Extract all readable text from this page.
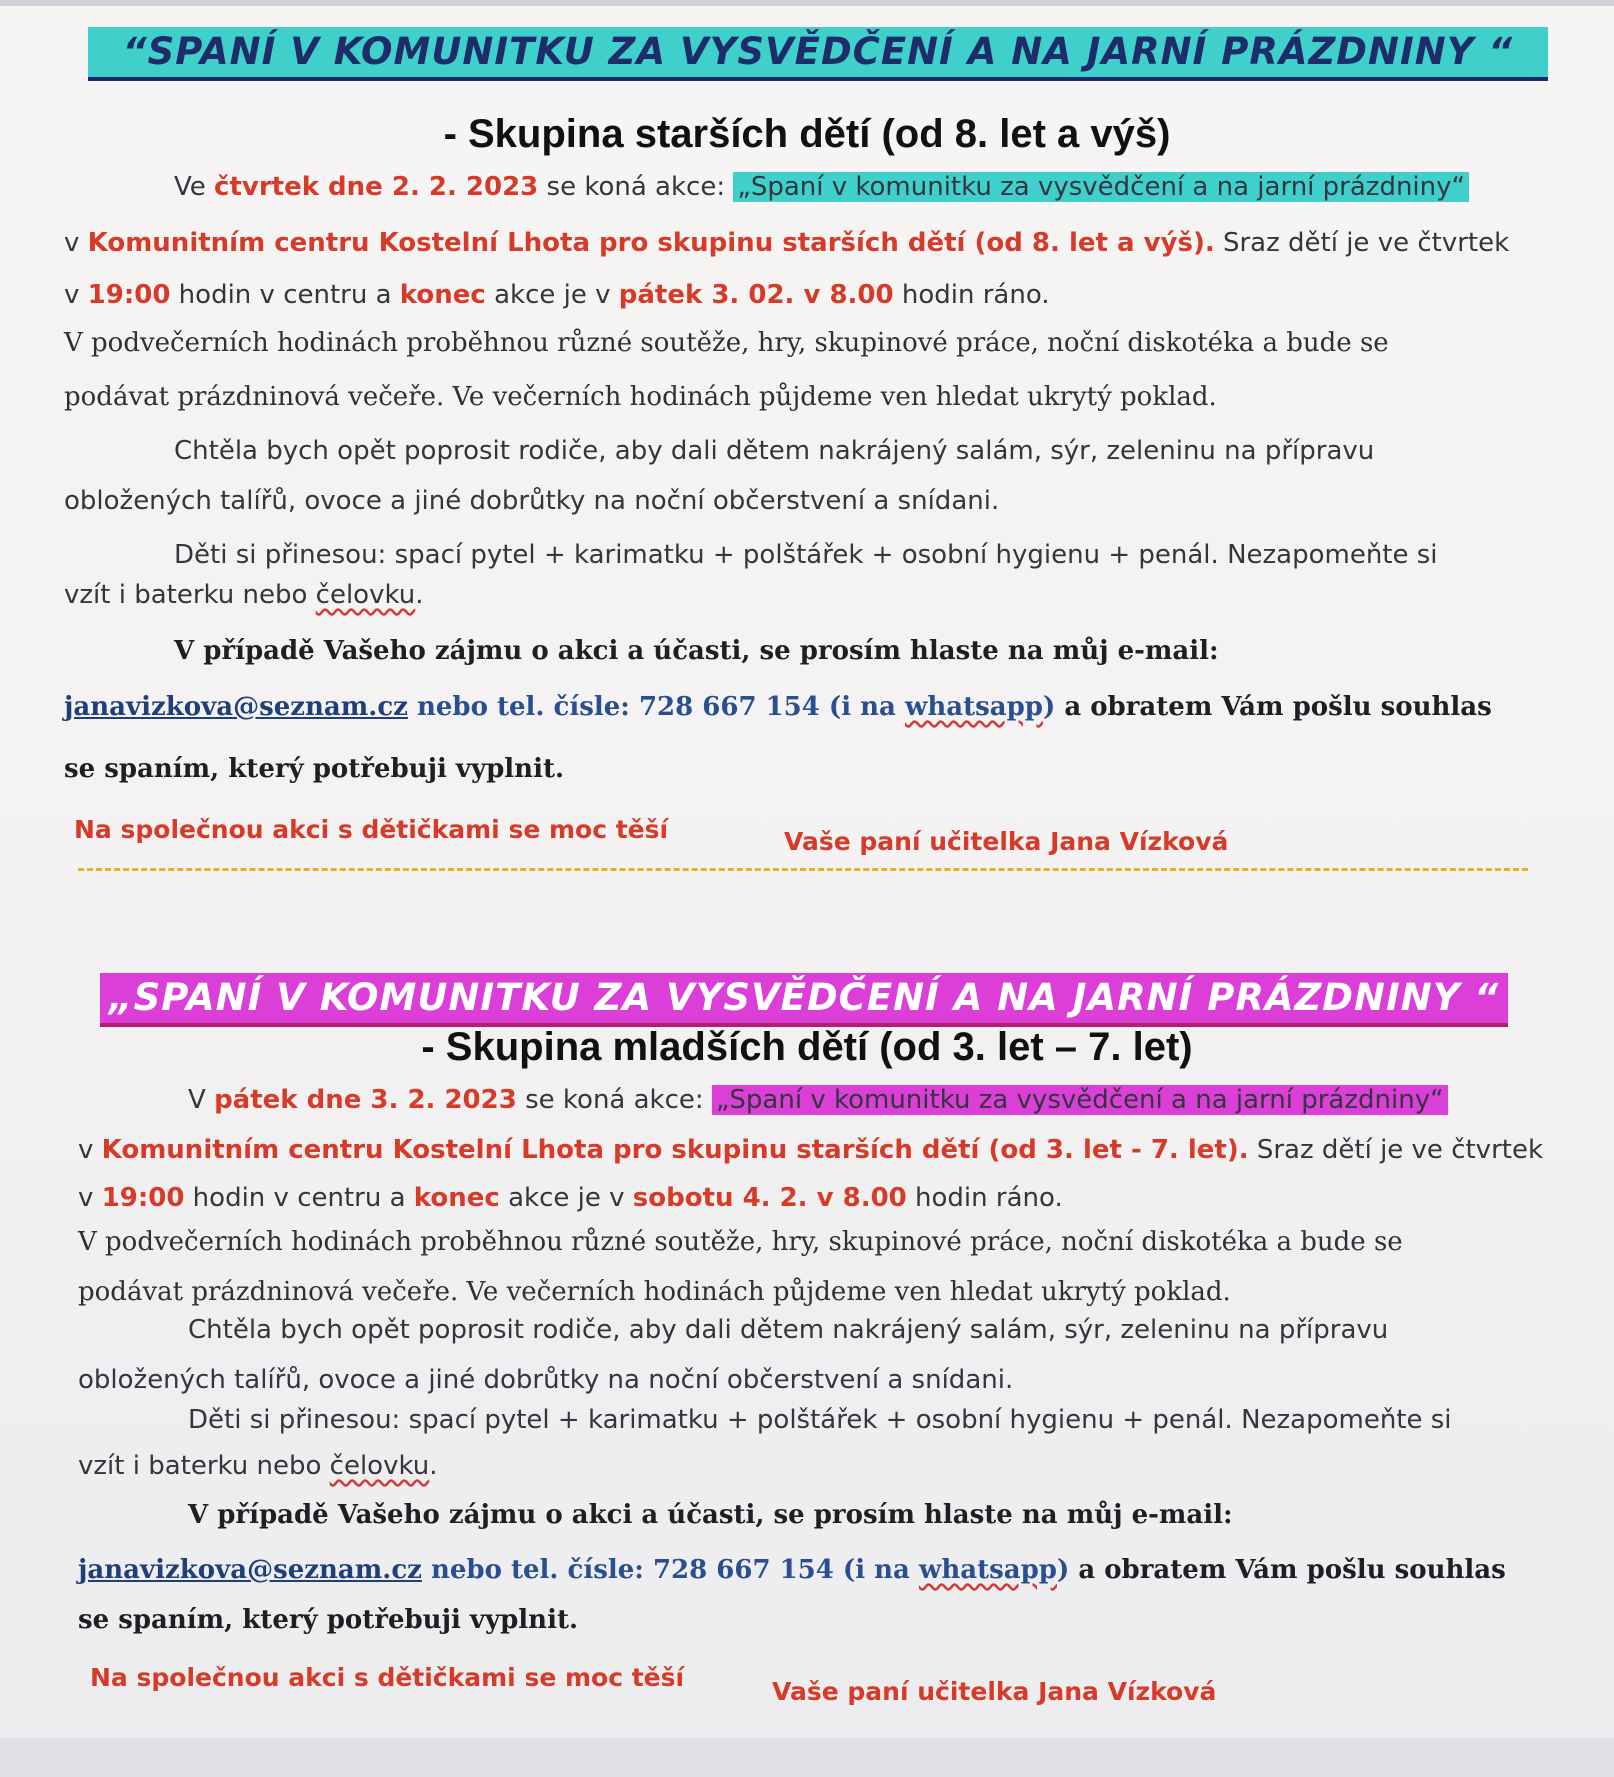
“SPANÍ V KOMUNITKU ZA VYSVĚDČENÍ A NA JARNÍ PRÁZDNINY “
- Skupina starších dětí (od 8. let a výš)
Ve čtvrtek dne 2. 2. 2023 se koná akce: „Spaní v komunitku za vysvědčení a na jarní prázdniny“
v Komunitním centru Kostelní Lhota pro skupinu starších dětí (od 8. let a výš). Sraz dětí je ve čtvrtek
v 19:00 hodin v centru a konec akce je v pátek 3. 02. v 8.00 hodin ráno.
V podvečerních hodinách proběhnou různé soutěže, hry, skupinové práce, noční diskotéka a bude se
podávat prázdninová večeře. Ve večerních hodinách půjdeme ven hledat ukrytý poklad.
Chtěla bych opět poprosit rodiče, aby dali dětem nakrájený salám, sýr, zeleninu na přípravu
obložených talířů, ovoce a jiné dobrůtky na noční občerstvení a snídani.
Děti si přinesou: spací pytel + karimatku + polštářek + osobní hygienu + penál. Nezapomeňte si
vzít i baterku nebo čelovku.
V případě Vašeho zájmu o akci a účasti, se prosím hlaste na můj e-mail:
janavizkova@seznam.cz nebo tel. čísle: 728 667 154 (i na whatsapp) a obratem Vám pošlu souhlas
se spaním, který potřebuji vyplnit.
Na společnou akci s dětičkami se moc těší	Vaše paní učitelka Jana Vízková
„SPANÍ V KOMUNITKU ZA VYSVĚDČENÍ A NA JARNÍ PRÁZDNINY “
- Skupina mladších dětí (od 3. let – 7. let)
V pátek dne 3. 2. 2023 se koná akce: „Spaní v komunitku za vysvědčení a na jarní prázdniny“
v Komunitním centru Kostelní Lhota pro skupinu starších dětí (od 3. let - 7. let). Sraz dětí je ve čtvrtek
v 19:00 hodin v centru a konec akce je v sobotu 4. 2. v 8.00 hodin ráno.
V podvečerních hodinách proběhnou různé soutěže, hry, skupinové práce, noční diskotéka a bude se
podávat prázdninová večeře. Ve večerních hodinách půjdeme ven hledat ukrytý poklad.
Chtěla bych opět poprosit rodiče, aby dali dětem nakrájený salám, sýr, zeleninu na přípravu
obložených talířů, ovoce a jiné dobrůtky na noční občerstvení a snídani.
Děti si přinesou: spací pytel + karimatku + polštářek + osobní hygienu + penál. Nezapomeňte si
vzít i baterku nebo čelovku.
V případě Vašeho zájmu o akci a účasti, se prosím hlaste na můj e-mail:
janavizkova@seznam.cz nebo tel. čísle: 728 667 154 (i na whatsapp) a obratem Vám pošlu souhlas
se spaním, který potřebuji vyplnit.
Na společnou akci s dětičkami se moc těší	Vaše paní učitelka Jana Vízková
